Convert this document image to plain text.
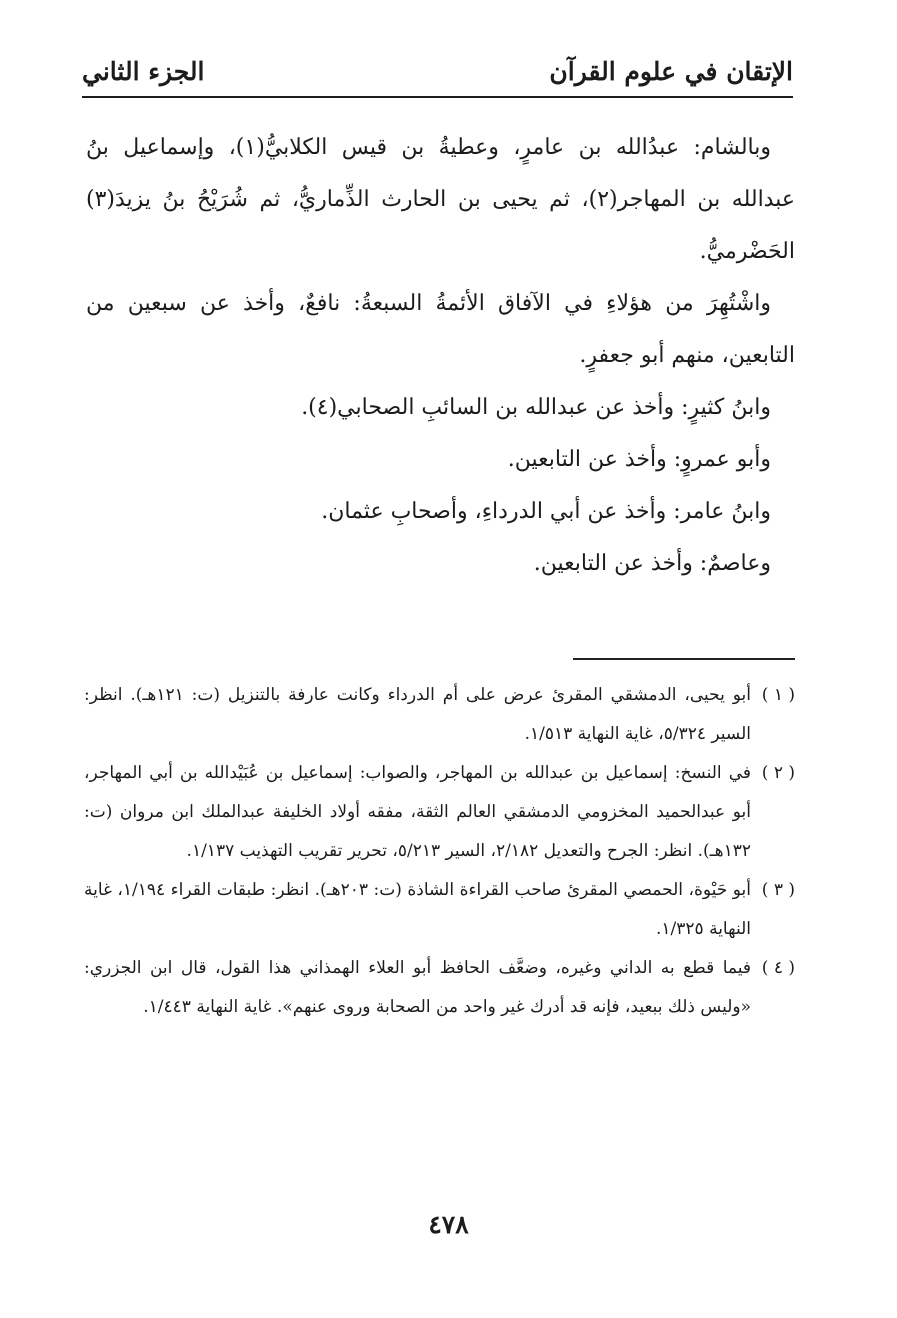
الإتقان في علوم القرآن
الجزء الثاني

وبالشام: عبدُالله بن عامرٍ، وعطيةُ بن قيس الكلابيُّ(١)، وإسماعيل بنُ عبدالله بن المهاجر(٢)، ثم يحيى بن الحارث الذِّماريُّ، ثم شُرَيْحُ بنُ يزيدَ(٣) الحَضْرميُّ.

واشْتُهِرَ من هؤلاءِ في الآفاق الأئمةُ السبعةُ: نافعٌ، وأخذ عن سبعين من التابعين، منهم أبو جعفرٍ.

وابنُ كثيرٍ: وأخذ عن عبدالله بن السائبِ الصحابي(٤).
وأبو عمروٍ: وأخذ عن التابعين.
وابنُ عامر: وأخذ عن أبي الدرداءِ، وأصحابِ عثمان.
وعاصمٌ: وأخذ عن التابعين.
( ١ )
أبو يحيى، الدمشقي المقرئ عرض على أم الدرداء وكانت عارفة بالتنزيل (ت: ١٢١هـ). انظر: السير ٥/٣٢٤، غاية النهاية ١/٥١٣.
( ٢ )
في النسخ: إسماعيل بن عبدالله بن المهاجر، والصواب: إسماعيل بن عُبَيْدالله بن أبي المهاجر، أبو عبدالحميد المخزومي الدمشقي العالم الثقة، مفقه أولاد الخليفة عبدالملك ابن مروان (ت: ١٣٢هـ). انظر: الجرح والتعديل ٢/١٨٢، السير ٥/٢١٣، تحرير تقريب التهذيب ١/١٣٧.
( ٣ )
أبو حَيْوة، الحمصي المقرئ صاحب القراءة الشاذة (ت: ٢٠٣هـ). انظر: طبقات القراء ١/١٩٤، غاية النهاية ١/٣٢٥.
( ٤ )
فيما قطع به الداني وغيره، وضعَّف الحافظ أبو العلاء الهمذاني هذا القول، قال ابن الجزري: «وليس ذلك ببعيد، فإنه قد أدرك غير واحد من الصحابة وروى عنهم». غاية النهاية ١/٤٤٣.
٤٧٨
